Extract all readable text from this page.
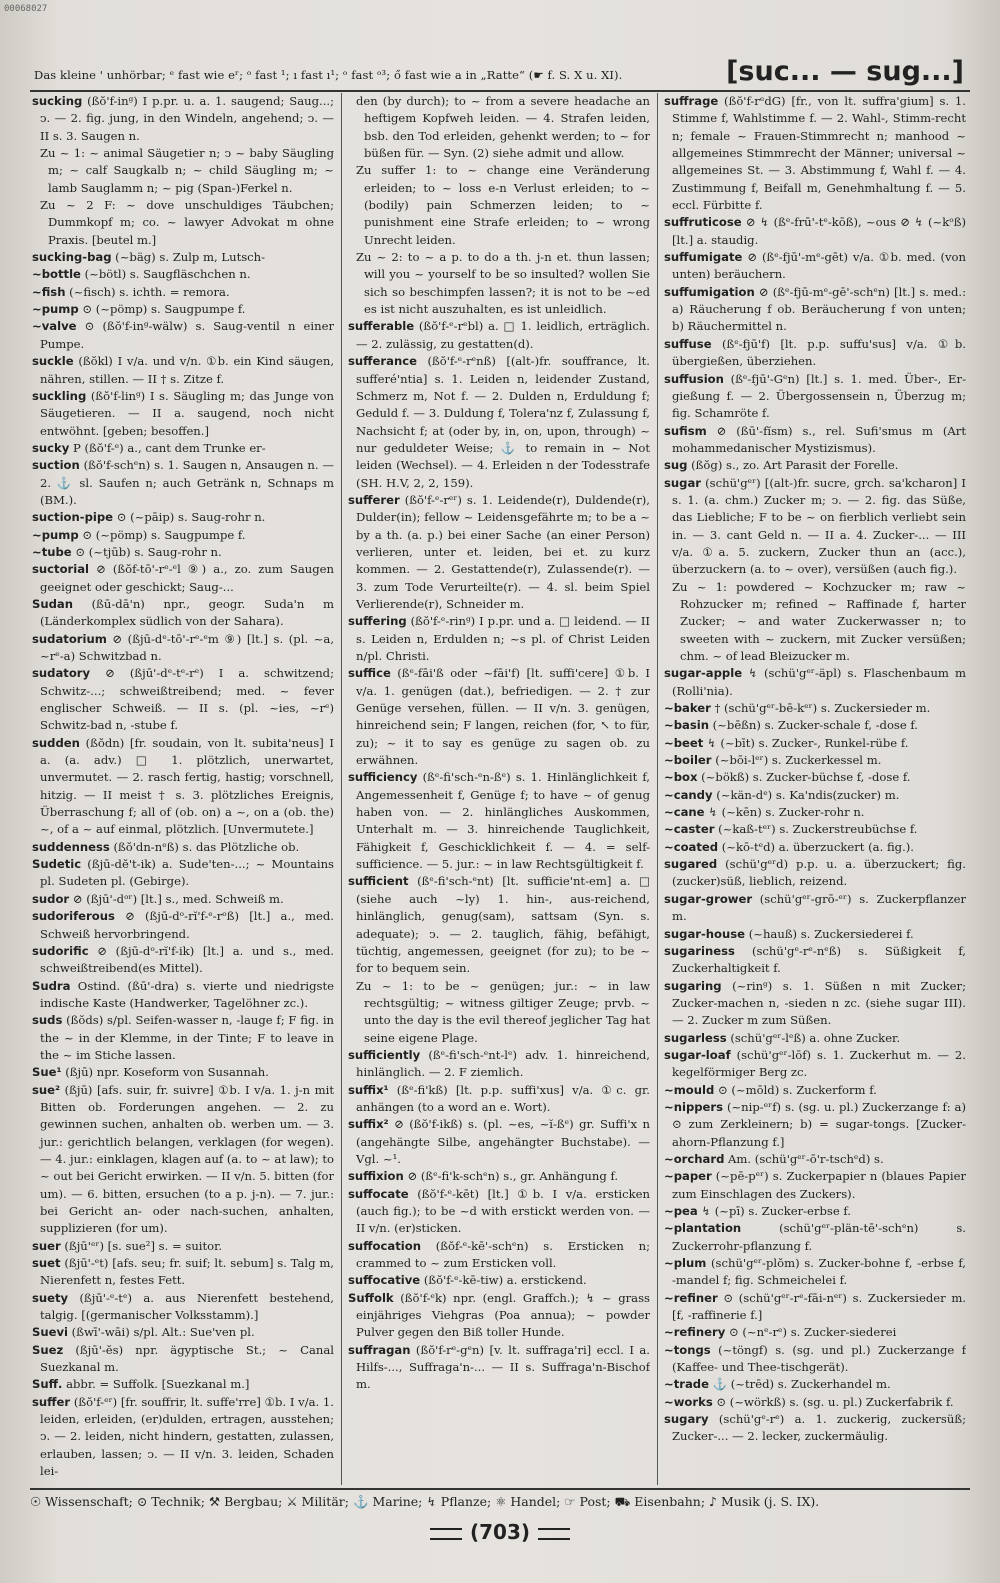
00068027
Das kleine ' unhörbar; ᵉ fast wie eʳ; ᵒ fast ¹; ı fast ı¹; ᵒ fast ᵒ³; ő fast wie a in „Ratte“ (☛ f. S. X u. XI).	[suc... — sug...]

sucking (ßŏ'f-inᵍ) I p.pr. u. a. 1. saugend; Saug...; ↄ. — 2. fig. jung, in den Windeln, angehend; ↄ. — II s. 3. Saugen n.

Zu ~ 1: ~ animal Säugetier n; ↄ ~ baby Säugling m; ~ calf Saugkalb n; ~ child Säugling m; ~ lamb Sauglamm n; ~ pig (Span-)Ferkel n.

Zu ~ 2 F: ~ dove unschuldiges Täubchen; Dummkopf m; co. ~ lawyer Advokat m ohne Praxis. [beutel m.]

sucking-bag (~bäg) s. Zulp m, Lutsch-

~bottle (~bötl) s. Saugfläschchen n.

~fish (~fisch) s. ichth. = remora.

~pump ⊙ (~pömp) s. Saugpumpe f.

~valve ⊙ (ßŏ'f-inᵍ-wälw) s. Saug-ventil n einer Pumpe.

suckle (ßŏkl) I v/a. und v/n. ①b. ein Kind säugen, nähren, stillen. — II † s. Zitze f.

suckling (ßŏ'f-linᵍ) I s. Säugling m; das Junge von Säugetieren. — II a. saugend, noch nicht entwöhnt. [geben; besoffen.]

sucky P (ßŏ'f-ᵉ) a., cant dem Trunke er-

suction (ßŏ'f-schᵉn) s. 1. Saugen n, Ansaugen n. — 2. ⚓ sl. Saufen n; auch Getränk n, Schnaps m (BM.).

suction-pipe ⊙ (~pāip) s. Saug-rohr n.

~pump ⊙ (~pömp) s. Saugpumpe f.

~tube ⊙ (~tjūb) s. Saug-rohr n.

suctorial ⊘ (ßŏf-tō'-rᵉ-ᵉl ⑨) a., zo. zum Saugen geeignet oder geschickt; Saug-...

Sudan (ßū-dā'n) npr., geogr. Suda'n m (Länderkomplex südlich von der Sahara).

sudatorium ⊘ (ßjū-dᵉ-tō'-rᵉ-ᵉm ⑨) [lt.] s. (pl. ~a, ~rᵉ-a) Schwitzbad n.

sudatory ⊘ (ßjū'-dᵉ-tᵉ-rᵉ) I a. schwitzend; Schwitz-...; schweißtreibend; med. ~ fever englischer Schweiß. — II s. (pl. ~ies, ~rᵉ) Schwitz-bad n, -stube f.

sudden (ßŏdn) [fr. soudain, von lt. subita'neus] I a. (a. adv.) □ 1. plötzlich, unerwartet, unvermutet. — 2. rasch fertig, hastig; vorschnell, hitzig. — II meist † s. 3. plötzliches Ereignis, Überraschung f; all of (ob. on) a ~, on a (ob. the) ~, of a ~ auf einmal, plötzlich. [Unvermutete.]

suddenness (ßŏ'dn-nᵉß) s. das Plötzliche ob.

Sudetic (ßjū-dĕ't-ik) a. Sude'ten-...; ~ Mountains pl. Sudeten pl. (Gebirge).

sudor ⊘ (ßjū'-dᵒʳ) [lt.] s., med. Schweiß m.

sudoriferous ⊘ (ßjū-dᵒ-rĭ'f-ᵉ-rᵒß) [lt.] a., med. Schweiß hervorbringend.

sudorific ⊘ (ßjū-dᵒ-rĭ'f-ik) [lt.] a. und s., med. schweißtreibend(es Mittel).

Sudra Ostind. (ßū'-dra) s. vierte und niedrigste indische Kaste (Handwerker, Tagelöhner zc.).

suds (ßŏds) s/pl. Seifen-wasser n, -lauge f; F fig. in the ~ in der Klemme, in der Tinte; F to leave in the ~ im Stiche lassen.

Sue¹ (ßjū) npr. Koseform von Susannah.

sue² (ßjū) [afs. suir, fr. suivre] ①b. I v/a. 1. j-n mit Bitten ob. Forderungen angehen. — 2. zu gewinnen suchen, anhalten ob. werben um. — 3. jur.: gerichtlich belangen, verklagen (for wegen). — 4. jur.: einklagen, klagen auf (a. to ~ at law); to ~ out bei Gericht erwirken. — II v/n. 5. bitten (for um). — 6. bitten, ersuchen (to a p. j-n). — 7. jur.: bei Gericht an- oder nach-suchen, anhalten, supplizieren (for um).

suer (ßjū'ᵉʳ) [s. sue²] s. = suitor.

suet (ßjū'-ᵉt) [afs. seu; fr. suif; lt. sebum] s. Talg m, Nierenfett n, festes Fett.

suety (ßjū'-ᵉ-tᵉ) a. aus Nierenfett bestehend, talgig. [(germanischer Volksstamm).]

Suevi (ßwī'-wāi) s/pl. Alt.: Sue'ven pl.

Suez (ßjū'-ĕs) npr. ägyptische St.; ~ Canal Suezkanal m.

Suff. abbr. = Suffolk. [Suezkanal m.]

suffer (ßŏ'f-ᵉʳ) [fr. souffrir, lt. suffe'rre] ①b. I v/a. 1. leiden, erleiden, (er)dulden, ertragen, ausstehen; ↄ. — 2. leiden, nicht hindern, gestatten, zulassen, erlauben, lassen; ↄ. — II v/n. 3. leiden, Schaden lei-

den (by durch); to ~ from a severe headache an heftigem Kopfweh leiden. — 4. Strafen leiden, bsb. den Tod erleiden, gehenkt werden; to ~ for büßen für. — Syn. (2) siehe admit und allow.

Zu suffer 1: to ~ change eine Veränderung erleiden; to ~ loss e-n Verlust erleiden; to ~ (bodily) pain Schmerzen leiden; to ~ punishment eine Strafe erleiden; to ~ wrong Unrecht leiden.

Zu ~ 2: to ~ a p. to do a th. j-n et. thun lassen; will you ~ yourself to be so insulted? wollen Sie sich so beschimpfen lassen?; it is not to be ~ed es ist nicht auszuhalten, es ist unleidlich.

sufferable (ßŏ'f-ᵉ-rᵉbl) a. □ 1. leidlich, erträglich. — 2. zulässig, zu gestatten(d).

sufferance (ßŏ'f-ᵉ-rᵉnß) [(alt-)fr. souffrance, lt. sufferé'ntia] s. 1. Leiden n, leidender Zustand, Schmerz m, Not f. — 2. Dulden n, Erduldung f; Geduld f. — 3. Duldung f, Tolera'nz f, Zulassung f, Nachsicht f; at (oder by, in, on, upon, through) ~ nur geduldeter Weise; ⚓ to remain in ~ Not leiden (Wechsel). — 4. Erleiden n der Todesstrafe (SH. H.V, 2, 2, 159).

sufferer (ßŏ'f-ᵉ-rᵉʳ) s. 1. Leidende(r), Duldende(r), Dulder(in); fellow ~ Leidensgefährte m; to be a ~ by a th. (a. p.) bei einer Sache (an einer Person) verlieren, unter et. leiden, bei et. zu kurz kommen. — 2. Gestattende(r), Zulassende(r). — 3. zum Tode Verurteilte(r). — 4. sl. beim Spiel Verlierende(r), Schneider m.

suffering (ßŏ'f-ᵉ-rinᵍ) I p.pr. und a. □ leidend. — II s. Leiden n, Erdulden n; ~s pl. of Christ Leiden n/pl. Christi.

suffice (ßᵉ-fāi'ß oder ~fāi'f) [lt. suffi'cere] ①b. I v/a. 1. genügen (dat.), befriedigen. — 2. † zur Genüge versehen, füllen. — II v/n. 3. genügen, hinreichend sein; F langen, reichen (for, ↖ to für, zu); ~ it to say es genüge zu sagen ob. zu erwähnen.

sufficiency (ßᵉ-fi'sch-ᵉn-ßᵉ) s. 1. Hinlänglichkeit f, Angemessenheit f, Genüge f; to have ~ of genug haben von. — 2. hinlängliches Auskommen, Unterhalt m. — 3. hinreichende Tauglichkeit, Fähigkeit f, Geschicklichkeit f. — 4. = self-sufficience. — 5. jur.: ~ in law Rechtsgültigkeit f.

sufficient (ßᵉ-fi'sch-ᵉnt) [lt. sufficie'nt-em] a. □ (siehe auch ~ly) 1. hin-, aus-reichend, hinlänglich, genug(sam), sattsam (Syn. s. adequate); ↄ. — 2. tauglich, fähig, befähigt, tüchtig, angemessen, geeignet (for zu); to be ~ for to bequem sein.

Zu ~ 1: to be ~ genügen; jur.: ~ in law rechtsgültig; ~ witness giltiger Zeuge; prvb. ~ unto the day is the evil thereof jeglicher Tag hat seine eigene Plage.

sufficiently (ßᵉ-fi'sch-ᵉnt-lᵉ) adv. 1. hinreichend, hinlänglich. — 2. F ziemlich.

suffix¹ (ßᵉ-fi'kß) [lt. p.p. suffi'xus] v/a. ①c. gr. anhängen (to a word an e. Wort).

suffix² ⊘ (ßŏ'f-ikß) s. (pl. ~es, ~ĭ-ßᵉ) gr. Suffi'x n (angehängte Silbe, angehängter Buchstabe). — Vgl. ~¹.

suffixion ⊘ (ßᵉ-fi'k-schᵉn) s., gr. Anhängung f.

suffocate (ßŏ'f-ᵉ-kēt) [lt.] ①b. I v/a. ersticken (auch fig.); to be ~d with erstickt werden von. — II v/n. (er)sticken.

suffocation (ßŏf-ᵉ-kē'-schᵉn) s. Ersticken n; crammed to ~ zum Ersticken voll.

suffocative (ßŏ'f-ᵉ-kē-tiw) a. erstickend.

Suffolk (ßŏ'f-ᵉk) npr. (engl. Graffch.); ↯ ~ grass einjähriges Viehgras (Poa annua); ~ powder Pulver gegen den Biß toller Hunde.

suffragan (ßŏ'f-rᵉ-gᵉn) [v. lt. suffraga'ri] eccl. I a. Hilfs-..., Suffraga'n-... — II s. Suffraga'n-Bischof m.

suffrage (ßŏ'f-rᵉdG) [fr., von lt. suffra'gium] s. 1. Stimme f, Wahlstimme f. — 2. Wahl-, Stimm-recht n; female ~ Frauen-Stimmrecht n; manhood ~ allgemeines Stimmrecht der Männer; universal ~ allgemeines St. — 3. Abstimmung f, Wahl f. — 4. Zustimmung f, Beifall m, Genehmhaltung f. — 5. eccl. Fürbitte f.

suffruticose ⊘ ↯ (ßᵉ-frū'-tᵉ-kōß), ~ous ⊘ ↯ (~kᵒß) [lt.] a. staudig.

suffumigate ⊘ (ßᵉ-fjū'-mᵉ-gēt) v/a. ①b. med. (von unten) beräuchern.

suffumigation ⊘ (ßᵉ-fjū-mᵉ-gē'-schᵉn) [lt.] s. med.: a) Räucherung f ob. Beräucherung f von unten; b) Räuchermittel n.

suffuse (ßᵉ-fjū'f) [lt. p.p. suffu'sus] v/a. ①b. übergießen, überziehen.

suffusion (ßᵉ-fjū'-Gᵉn) [lt.] s. 1. med. Über-, Er-gießung f. — 2. Übergossensein n, Überzug m; fig. Schamröte f.

sufism ⊘ (ßū'-fĭsm) s., rel. Sufi'smus m (Art mohammedanischer Mystizismus).

sug (ßŏg) s., zo. Art Parasit der Forelle.

sugar (schü'gᵉʳ) [(alt-)fr. sucre, grch. sa'kcharon] I s. 1. (a. chm.) Zucker m; ↄ. — 2. fig. das Süße, das Liebliche; F to be ~ on fierblich verliebt sein in. — 3. cant Geld n. — II a. 4. Zucker-... — III v/a. ①a. 5. zuckern, Zucker thun an (acc.), überzuckern (a. to ~ over), versüßen (auch fig.).

Zu ~ 1: powdered ~ Kochzucker m; raw ~ Rohzucker m; refined ~ Raffinade f, harter Zucker; ~ and water Zuckerwasser n; to sweeten with ~ zuckern, mit Zucker versüßen; chm. ~ of lead Bleizucker m.

sugar-apple ↯ (schü'gᵉʳ-äpl) s. Flaschenbaum m (Rolli'nia).

~baker † (schü'gᵉʳ-bē-kᵉʳ) s. Zuckersieder m.

~basin (~bēßn) s. Zucker-schale f, -dose f.

~beet ↯ (~bīt) s. Zucker-, Runkel-rübe f.

~boiler (~bōi-lᵉʳ) s. Zuckerkessel m.

~box (~bökß) s. Zucker-büchse f, -dose f.

~candy (~kän-dᵉ) s. Ka'ndis(zucker) m.

~cane ↯ (~kēn) s. Zucker-rohr n.

~caster (~kaß-tᵉʳ) s. Zuckerstreubüchse f.

~coated (~kō-tᵉd) a. überzuckert (a. fig.).

sugared (schü'gᵉʳd) p.p. u. a. überzuckert; fig. (zucker)süß, lieblich, reizend.

sugar-grower (schü'gᵉʳ-grō-ᵉʳ) s. Zuckerpflanzer m.

sugar-house (~hauß) s. Zuckersiederei f.

sugariness (schü'gᵉ-rᵉ-nᵉß) s. Süßigkeit f, Zuckerhaltigkeit f.

sugaring (~rinᵍ) s. 1. Süßen n mit Zucker; Zucker-machen n, -sieden n zc. (siehe sugar III). — 2. Zucker m zum Süßen.

sugarless (schü'gᵉʳ-lᵉß) a. ohne Zucker.

sugar-loaf (schü'gᵉʳ-lōf) s. 1. Zuckerhut m. — 2. kegelförmiger Berg zc.

~mould ⊙ (~mōld) s. Zuckerform f.

~nippers (~nip-ᵉʳf) s. (sg. u. pl.) Zuckerzange f: a) ⊙ zum Zerkleinern; b) = sugar-tongs. [Zucker-ahorn-Pflanzung f.]

~orchard Am. (schü'gᵉʳ-ō'r-tschᵉd) s.

~paper (~pē-pᵉʳ) s. Zuckerpapier n (blaues Papier zum Einschlagen des Zuckers).

~pea ↯ (~pī) s. Zucker-erbse f.

~plantation (schü'gᵉʳ-plän-tē'-schᵉn) s. Zuckerrohr-pflanzung f.

~plum (schü'gᵉʳ-plŏm) s. Zucker-bohne f, -erbse f, -mandel f; fig. Schmeichelei f.

~refiner ⊙ (schü'gᵉʳ-rᵉ-fāi-nᵉʳ) s. Zuckersieder m. [f, -raffinerie f.]

~refinery ⊙ (~nᵉ-rᵉ) s. Zucker-siederei

~tongs (~töngf) s. (sg. und pl.) Zuckerzange f (Kaffee- und Thee-tischgerät).

~trade ⚓ (~trēd) s. Zuckerhandel m.

~works ⊙ (~wörkß) s. (sg. u. pl.) Zuckerfabrik f.

sugary (schü'gᵉ-rᵉ) a. 1. zuckerig, zuckersüß; Zucker-... — 2. lecker, zuckermäulig.

☉ Wissenschaft; ⊙ Technik; ⚒ Bergbau; ⚔ Militär; ⚓ Marine; ↯ Pflanze; ⚛ Handel; ☞ Post; ⛟ Eisenbahn; ♪ Musik (j. S. IX).
(703)
